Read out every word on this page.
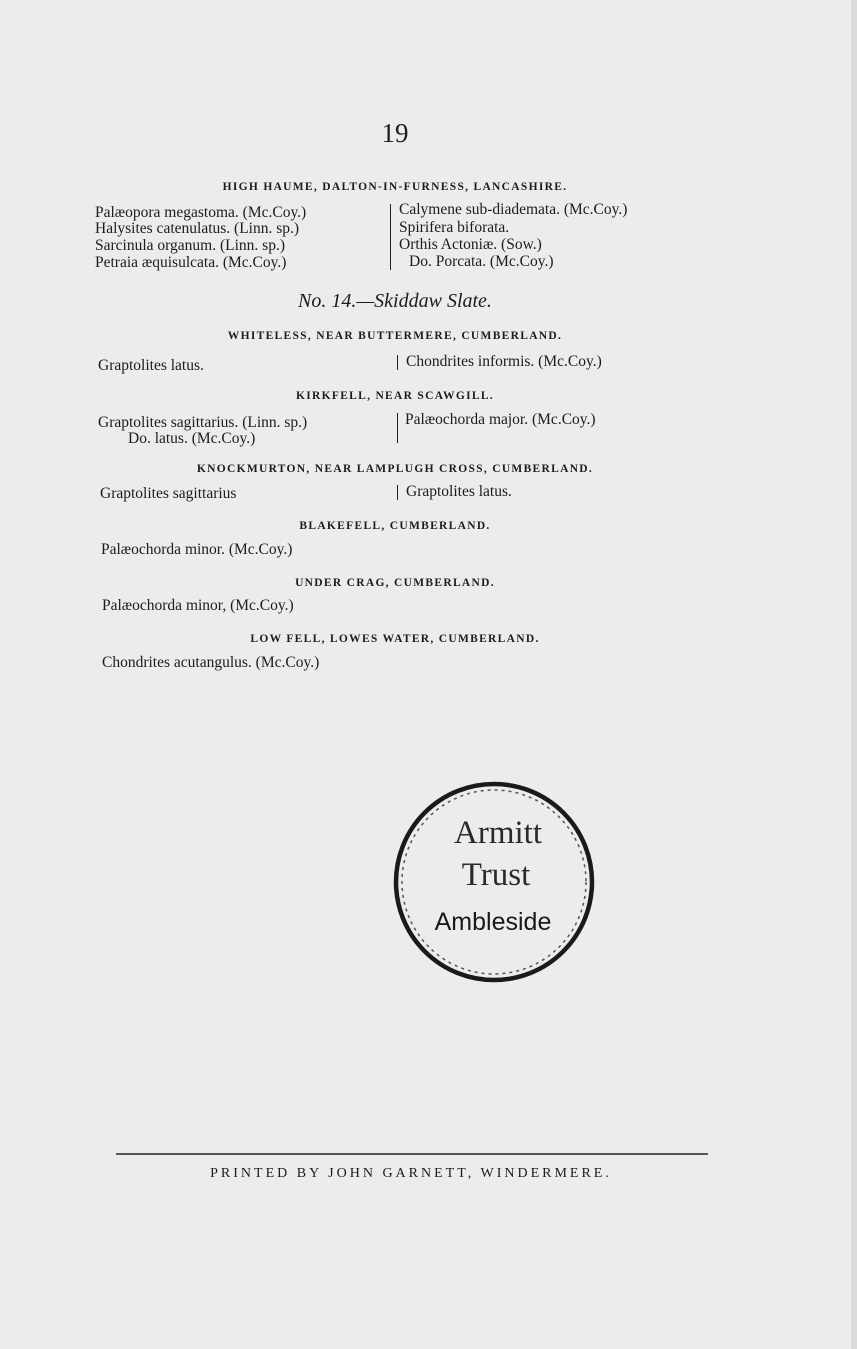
19
HIGH HAUME, DALTON-IN-FURNESS, LANCASHIRE.
Palæopora megastoma. (Mc.Coy.)
Halysites catenulatus. (Linn. sp.)
Sarcinula organum. (Linn. sp.)
Petraia æquisulcata. (Mc.Coy.)
Calymene sub-diademata. (Mc.Coy.)
Spirifera biforata.
Orthis Actoniæ. (Sow.)
Do. Porcata. (Mc.Coy.)
No. 14.—Skiddaw Slate.
WHITELESS, NEAR BUTTERMERE, CUMBERLAND.
Graptolites latus.	Chondrites informis. (Mc.Coy.)
KIRKFELL, NEAR SCAWGILL.
Graptolites sagittarius. (Linn. sp.)
Do. latus. (Mc.Coy.)
Palæochorda major. (Mc.Coy.)
KNOCKMURTON, NEAR LAMPLUGH CROSS, CUMBERLAND.
Graptolites sagittarius	Graptolites latus.
BLAKEFELL, CUMBERLAND.
Palæochorda minor. (Mc.Coy.)
UNDER CRAG, CUMBERLAND.
Palæochorda minor, (Mc.Coy.)
LOW FELL, LOWES WATER, CUMBERLAND.
Chondrites acutangulus. (Mc.Coy.)
Armitt
Trust
Ambleside
PRINTED BY JOHN GARNETT, WINDERMERE.
